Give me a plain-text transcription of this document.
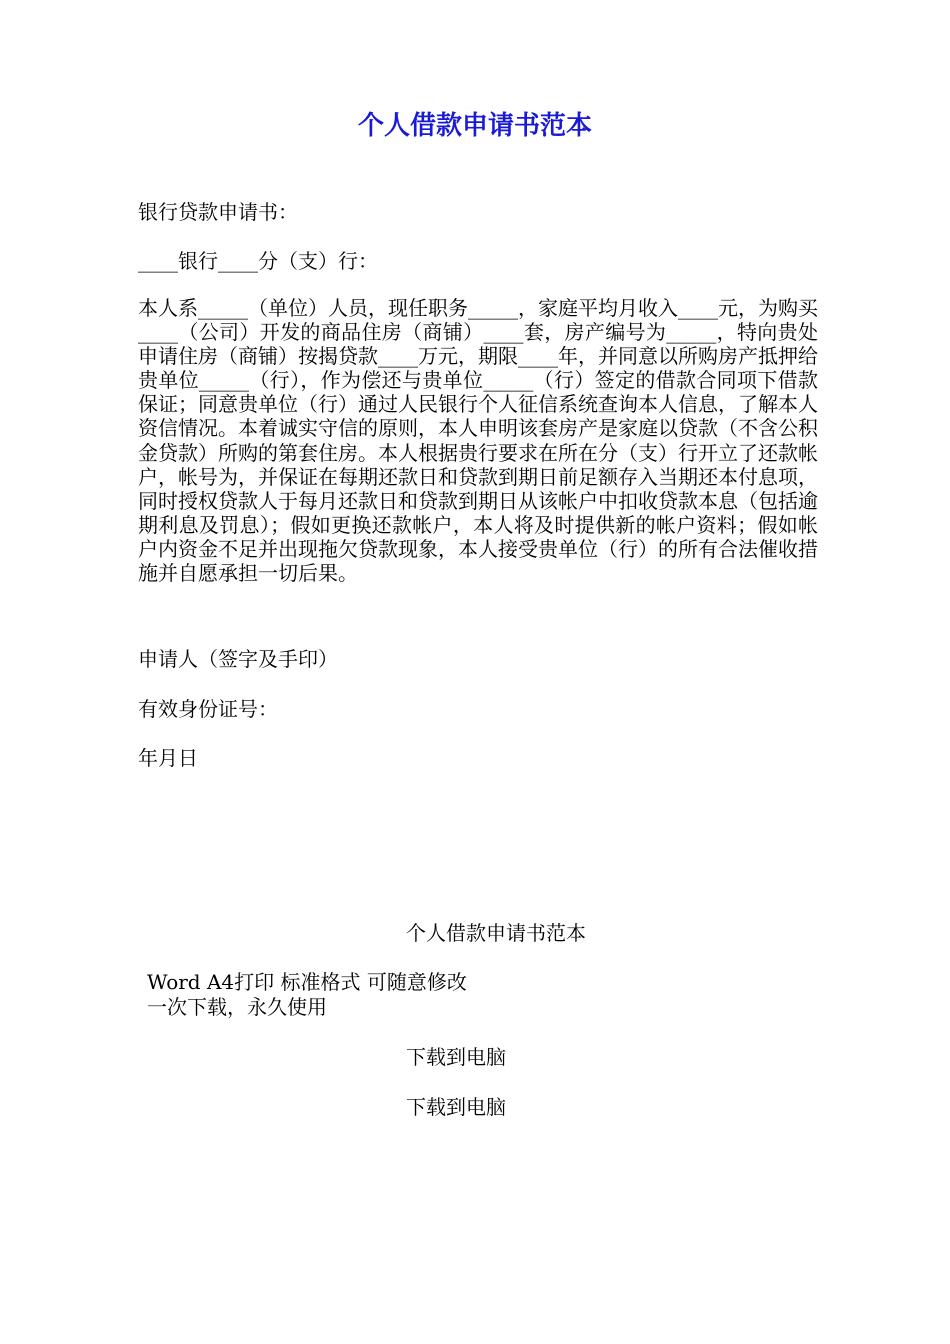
个人借款申请书范本
银行贷款申请书：
____银行____分（支）行：
本人系_____（单位）人员，现任职务_____，家庭平均月收入____元，为购买____（公司）开发的商品住房（商铺）____套，房产编号为_____，特向贵处申请住房（商铺）按揭贷款____万元，期限____年，并同意以所购房产抵押给贵单位_____（行），作为偿还与贵单位_____（行）签定的借款合同项下借款保证；同意贵单位（行）通过人民银行个人征信系统查询本人信息，了解本人资信情况。本着诚实守信的原则，本人申明该套房产是家庭以贷款（不含公积金贷款）所购的第套住房。本人根据贵行要求在所在分（支）行开立了还款帐户，帐号为，并保证在每期还款日和贷款到期日前足额存入当期还本付息项，同时授权贷款人于每月还款日和贷款到期日从该帐户中扣收贷款本息（包括逾期利息及罚息）；假如更换还款帐户，本人将及时提供新的帐户资料；假如帐户内资金不足并出现拖欠贷款现象，本人接受贵单位（行）的所有合法催收措施并自愿承担一切后果。
申请人（签字及手印）
有效身份证号：
年月日
个人借款申请书范本
Word A4打印 标准格式 可随意修改
一次下载，永久使用
下载到电脑
下载到电脑
